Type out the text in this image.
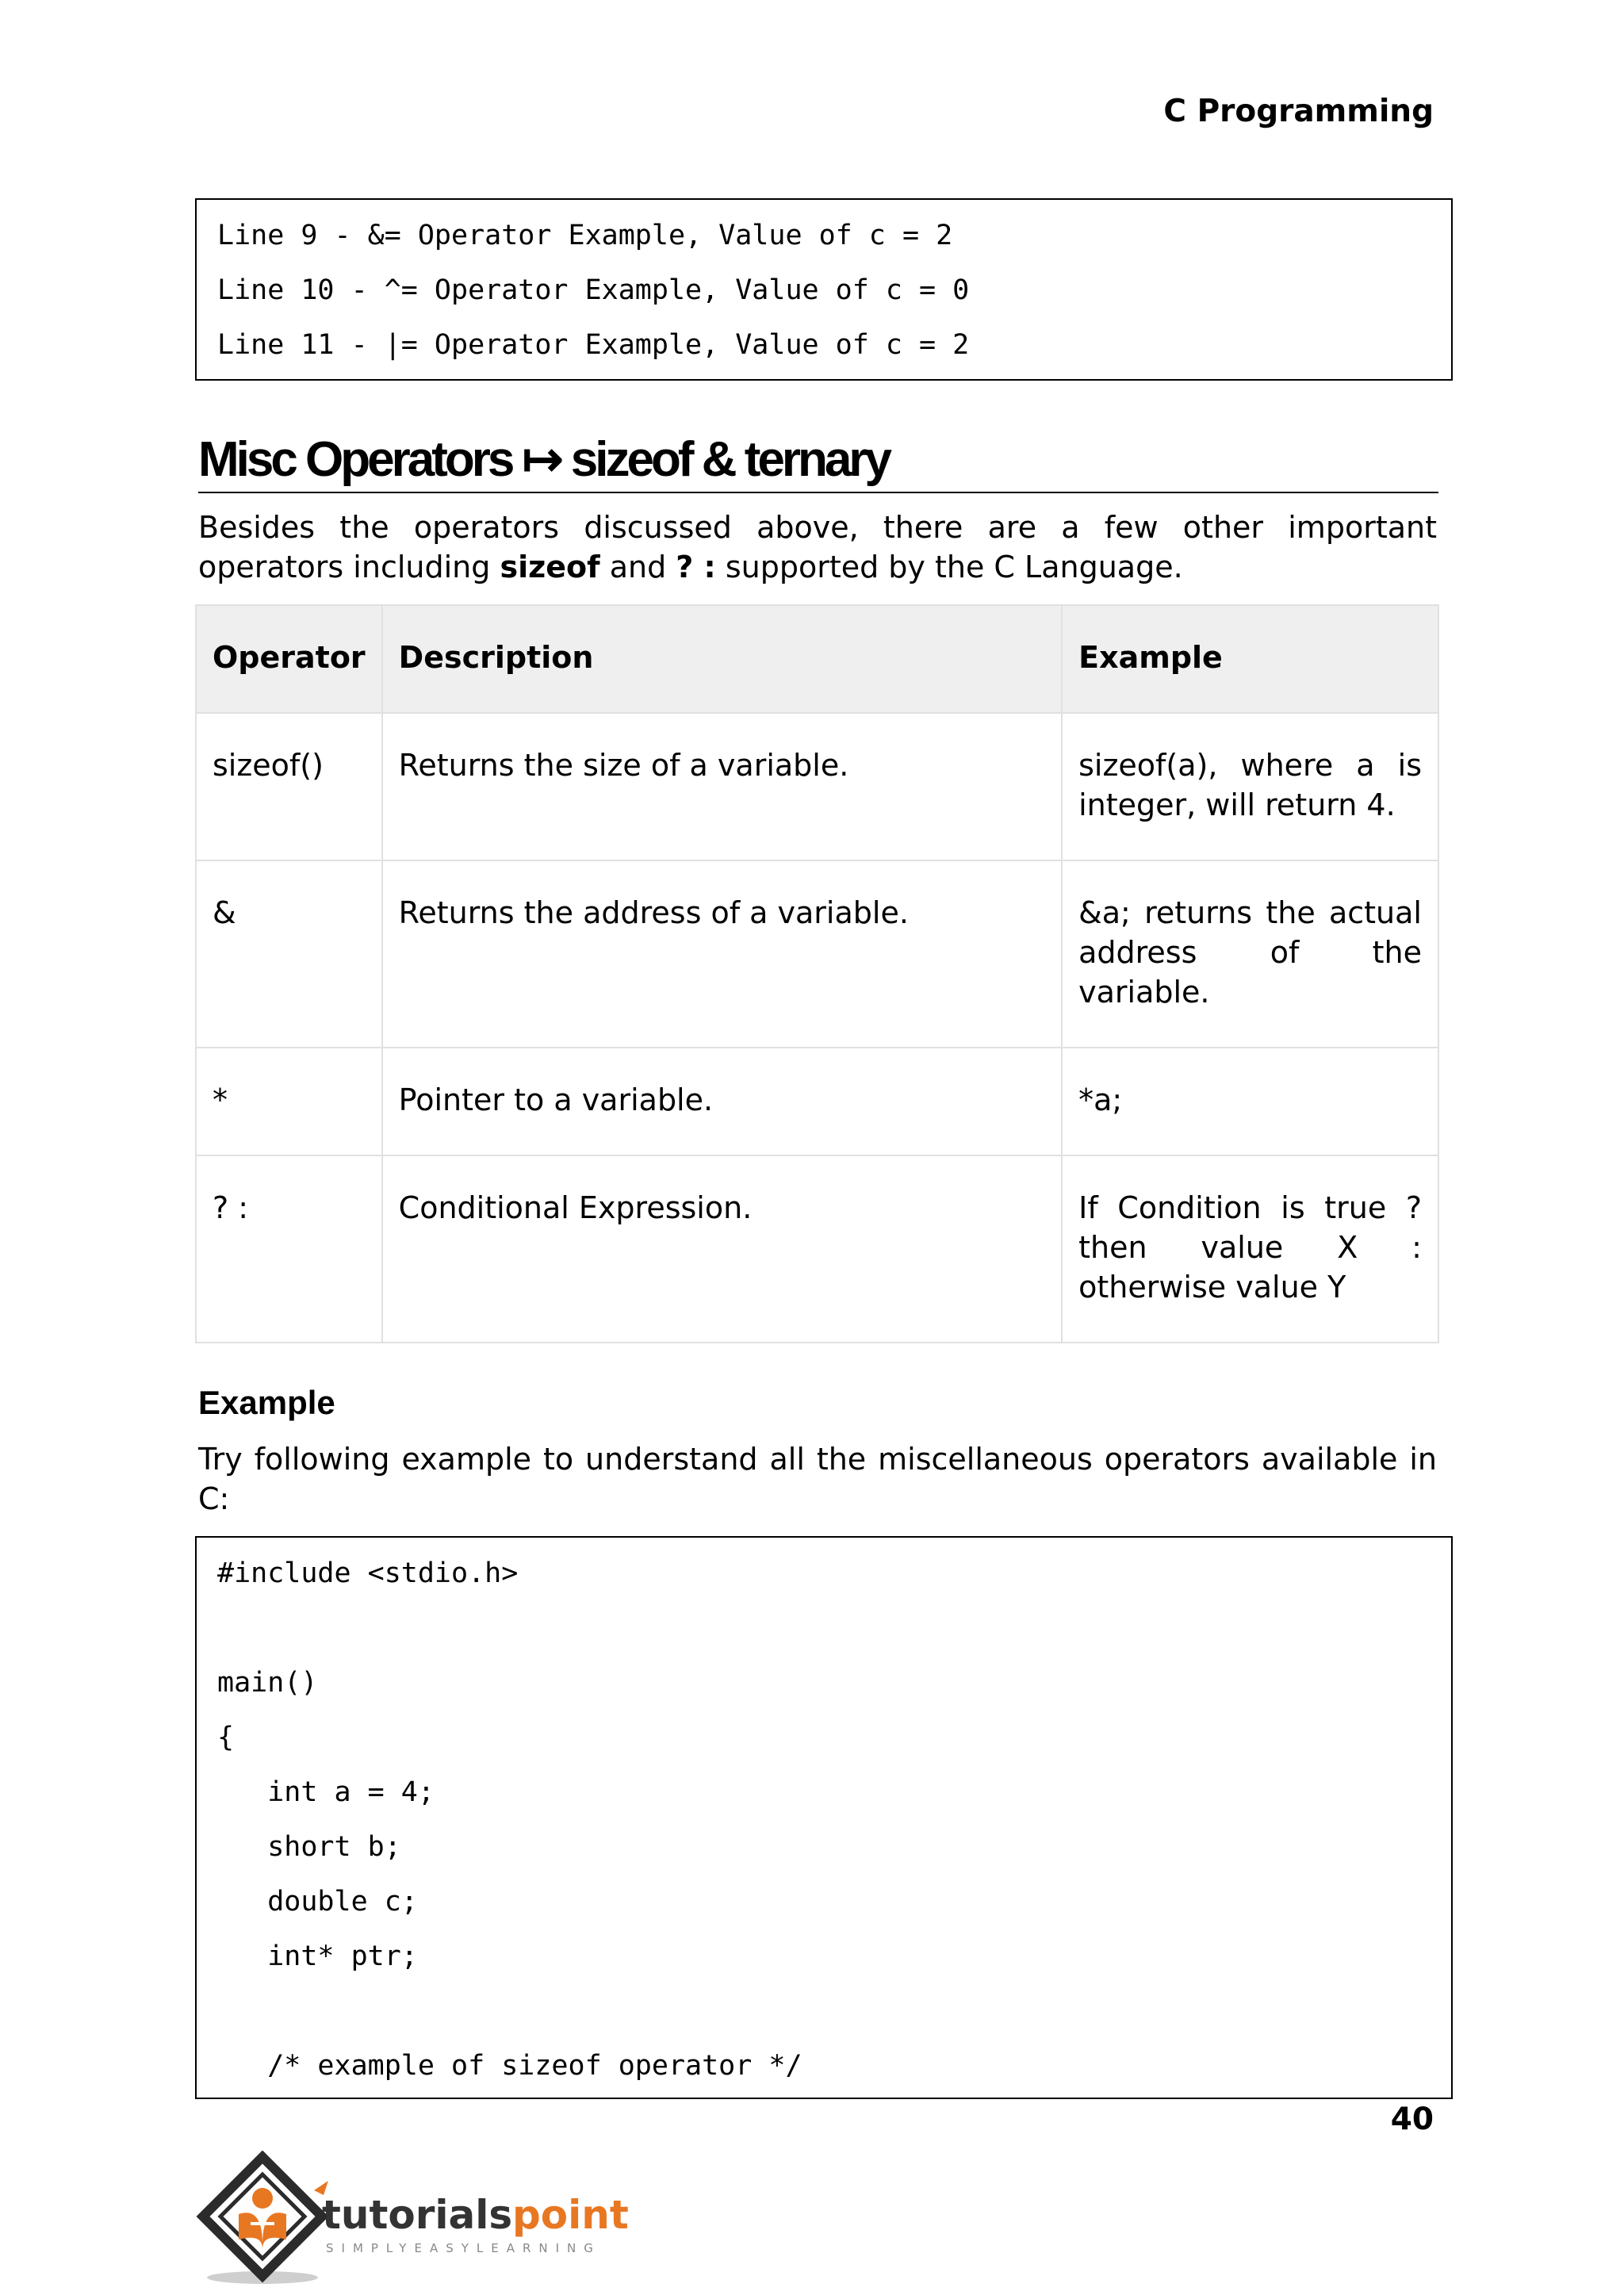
C Programming
Line 9 - &= Operator Example, Value of c = 2
Line 10 - ^= Operator Example, Value of c = 0
Line 11 - |= Operator Example, Value of c = 2
Misc Operators ↦ sizeof & ternary
Besides the operators discussed above, there are a few other important operators including sizeof and ? : supported by the C Language.
Operator	Description	Example
sizeof()	Returns the size of a variable.	sizeof(a), where a is integer, will return 4.
&	Returns the address of a variable.	&a; returns the actual address of the variable.
*	Pointer to a variable.	*a;
? :	Conditional Expression.	If Condition is true ? then value X : otherwise value Y
Example
Try following example to understand all the miscellaneous operators available in C:
#include <stdio.h>
main()
{
int a = 4;
short b;
double c;
int* ptr;
/* example of sizeof operator */
40
tutorials point
SIMPLYEASYLEARNING
